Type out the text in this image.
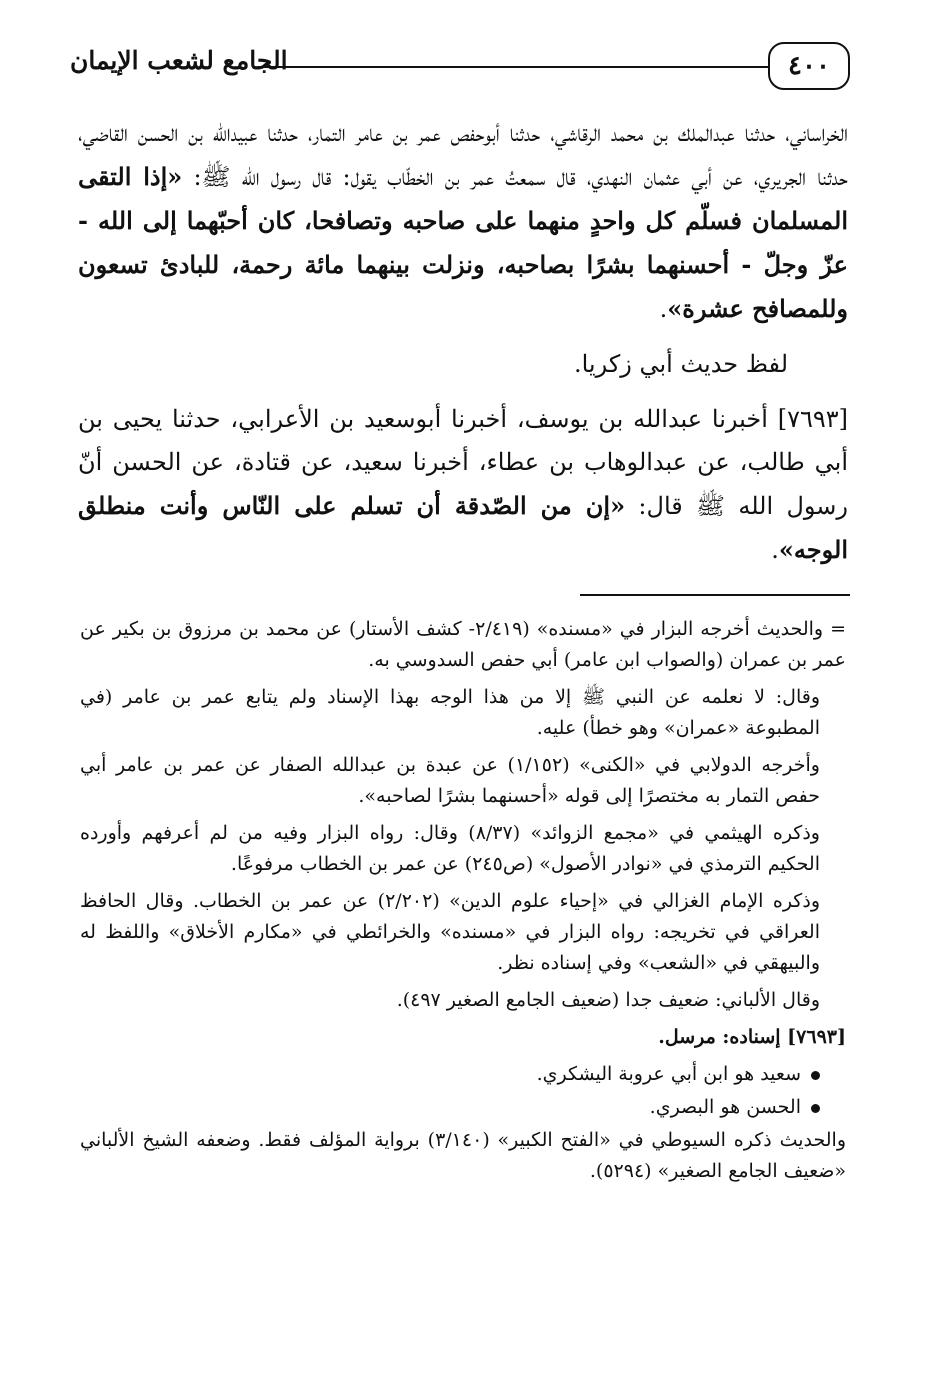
٤٠٠
الجامع لشعب الإيمان

الخراساني، حدثنا عبدالملك بن محمد الرقاشي، حدثنا أبوحفص عمر بن عامر التمار، حدثنا عبيدالله بن الحسن القاضي، حدثنا الجريري، عن أبي عثمان النهدي، قال سمعتُ عمر بن الخطّاب يقول: قال رسول الله ﷺ: «إذا التقى المسلمان فسلّم كل واحدٍ منهما على صاحبه وتصافحا، كان أحبّهما إلى الله - عزّ وجلّ - أحسنهما بشرًا بصاحبه، ونزلت بينهما مائة رحمة، للبادئ تسعون وللمصافح عشرة».

لفظ حديث أبي زكريا.

[٧٦٩٣] أخبرنا عبدالله بن يوسف، أخبرنا أبوسعيد بن الأعرابي، حدثنا يحيى بن أبي طالب، عن عبدالوهاب بن عطاء، أخبرنا سعيد، عن قتادة، عن الحسن أنّ رسول الله ﷺ قال: «إن من الصّدقة أن تسلم على النّاس وأنت منطلق الوجه».

= والحديث أخرجه البزار في «مسنده» (٢/٤١٩- كشف الأستار) عن محمد بن مرزوق بن بكير عن عمر بن عمران (والصواب ابن عامر) أبي حفص السدوسي به.

وقال: لا نعلمه عن النبي ﷺ إلا من هذا الوجه بهذا الإسناد ولم يتابع عمر بن عامر (في المطبوعة «عمران» وهو خطأ) عليه.

وأخرجه الدولابي في «الكنى» (١/١٥٢) عن عبدة بن عبدالله الصفار عن عمر بن عامر أبي حفص التمار به مختصرًا إلى قوله «أحسنهما بشرًا لصاحبه».

وذكره الهيثمي في «مجمع الزوائد» (٨/٣٧) وقال: رواه البزار وفيه من لم أعرفهم وأورده الحكيم الترمذي في «نوادر الأصول» (ص٢٤٥) عن عمر بن الخطاب مرفوعًا.

وذكره الإمام الغزالي في «إحياء علوم الدين» (٢/٢٠٢) عن عمر بن الخطاب. وقال الحافظ العراقي في تخريجه: رواه البزار في «مسنده» والخرائطي في «مكارم الأخلاق» واللفظ له والبيهقي في «الشعب» وفي إسناده نظر.

وقال الألباني: ضعيف جدا (ضعيف الجامع الصغير ٤٩٧).

[٧٦٩٣] إسناده: مرسل.

سعيد هو ابن أبي عروبة اليشكري.

الحسن هو البصري.

والحديث ذكره السيوطي في «الفتح الكبير» (٣/١٤٠) برواية المؤلف فقط. وضعفه الشيخ الألباني «ضعيف الجامع الصغير» (٥٢٩٤).
